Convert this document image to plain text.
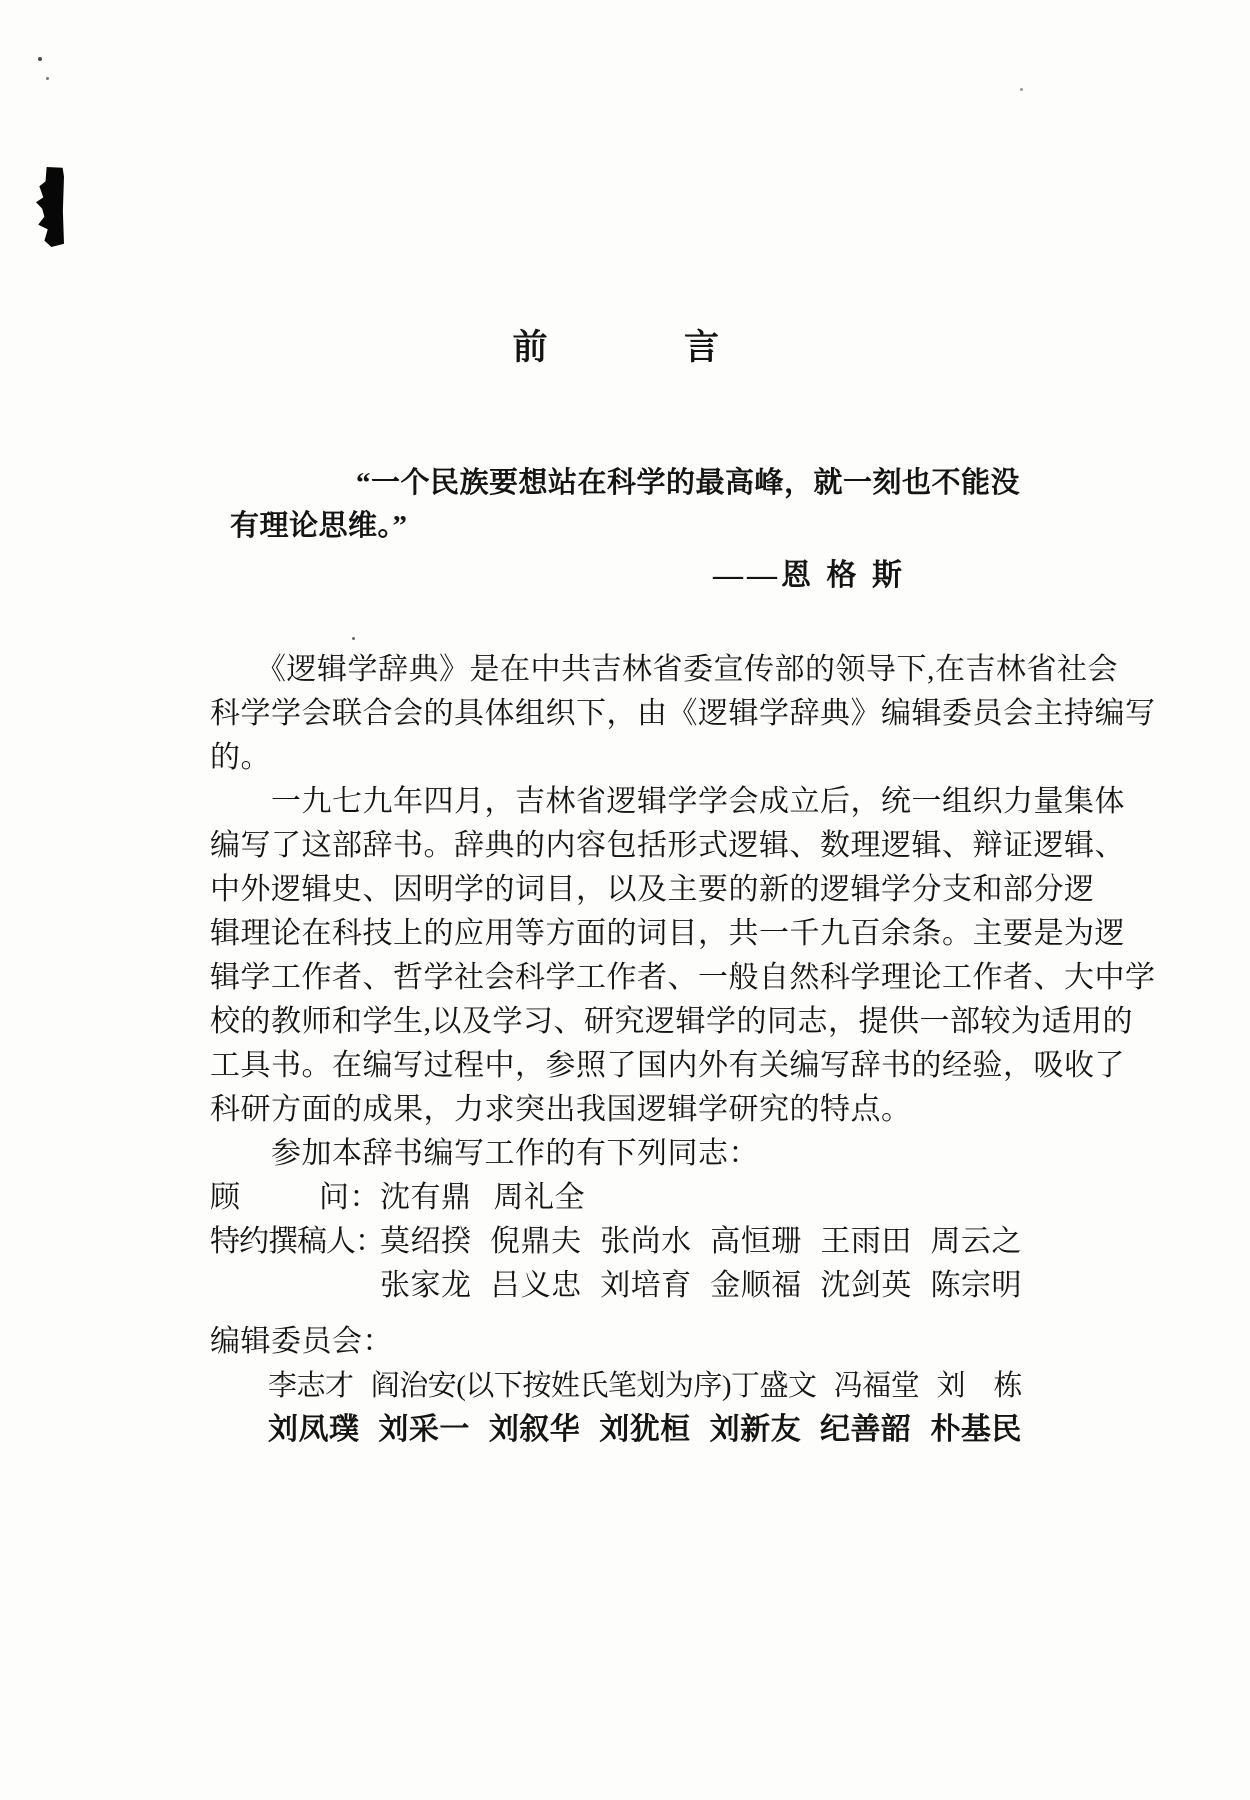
前	言
“一个民族要想站在科学的最高峰，就一刻也不能没
有理论思维。”
——恩 格 斯
　　《逻辑学辞典》是在中共吉林省委宣传部的领导下,在吉林省社会
科学学会联合会的具体组织下，由《逻辑学辞典》编辑委员会主持编写
的。
　　一九七九年四月，吉林省逻辑学学会成立后，统一组织力量集体
编写了这部辞书。辞典的内容包括形式逻辑、数理逻辑、辩证逻辑、
中外逻辑史、因明学的词目，以及主要的新的逻辑学分支和部分逻
辑理论在科技上的应用等方面的词目，共一千九百余条。主要是为逻
辑学工作者、哲学社会科学工作者、一般自然科学理论工作者、大中学
校的教师和学生,以及学习、研究逻辑学的同志，提供一部较为适用的
工具书。在编写过程中，参照了国内外有关编写辞书的经验，吸收了
科研方面的成果，力求突出我国逻辑学研究的特点。
　　参加本辞书编写工作的有下列同志：
顾	问： 沈有鼎 周礼全
特约撰稿人：
莫绍揆 倪鼎夫 张尚水 高恒珊 王雨田 周云之
张家龙 吕义忠 刘培育 金顺福 沈剑英 陈宗明
编辑委员会：
李志才 阎治安(以下按姓氏笔划为序)丁盛文 冯福堂 刘　栋
刘凤璞 刘采一 刘叙华 刘犹桓 刘新友 纪善韶 朴基民
